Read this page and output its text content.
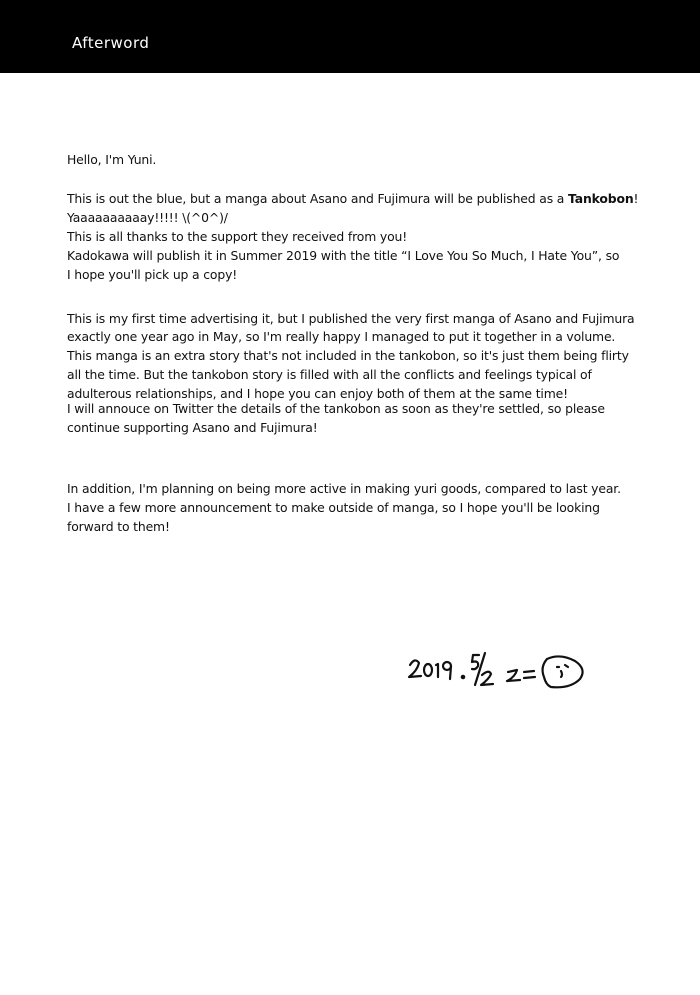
Afterword
Hello, I'm Yuni.
This is out the blue, but a manga about Asano and Fujimura will be published as a Tankobon!
Yaaaaaaaaaay!!!!! \(^0^)/
This is all thanks to the support they received from you!
Kadokawa will publish it in Summer 2019 with the title “I Love You So Much, I Hate You”, so
I hope you'll pick up a copy!
This is my first time advertising it, but I published the very first manga of Asano and Fujimura
exactly one year ago in May, so I'm really happy I managed to put it together in a volume.
This manga is an extra story that's not included in the tankobon, so it's just them being flirty
all the time. But the tankobon story is filled with all the conflicts and feelings typical of
adulterous relationships, and I hope you can enjoy both of them at the same time!
I will annouce on Twitter the details of the tankobon as soon as they're settled, so please
continue supporting Asano and Fujimura!
In addition, I'm planning on being more active in making yuri goods, compared to last year.
I have a few more announcement to make outside of manga, so I hope you'll be looking
forward to them!
